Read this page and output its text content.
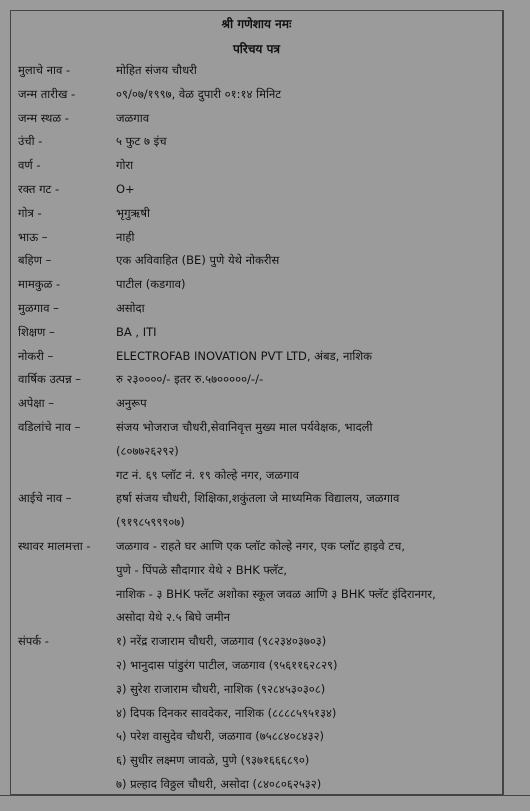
श्री गणेशाय नमः
परिचय पत्र
मुलाचे नाव -	मोहित संजय चौधरी
जन्म तारीख -	०९/०७/१९९७, वेळ दुपारी ०१:१४ मिनिट
जन्म स्थळ -	जळगाव
उंची -	५ फुट ७ इंच
वर्ण -	गोरा
रक्त गट -	O+
गोत्र -	भृगुऋषी
भाऊ –	नाही
बहिण –	एक अविवाहित (BE) पुणे येथे नोकरीस
मामकुळ -	पाटील (कडगाव)
मुळगाव –	असोदा
शिक्षण –	BA , ITI
नोकरी –	ELECTROFAB INOVATION PVT LTD, अंबड, नाशिक
वार्षिक उत्पन्न –	रु २३००००/- इतर रु.५७०००००/-/-
अपेक्षा –	अनुरूप
वडिलांचे नाव –	संजय भोजराज चौधरी,सेवानिवृत्त मुख्य माल पर्यवेक्षक, भादली
(८०७७२६२९२)
गट नं. ६९ प्लॉट नं. १९ कोल्हे नगर, जळगाव
आईचे नाव –	हर्षा संजय चौधरी, शिक्षिका,शकुंतला जे माध्यमिक विद्यालय, जळगाव
(९१९८५९९९०७)
स्थावर मालमत्ता - जळगाव - राहते घर आणि एक प्लॉट कोल्हे नगर, एक प्लॉट हाइवे टच,
पुणे - पिंपळे सौदागार येथे २ BHK फ्लॅट,
नाशिक - ३ BHK फ्लॅट अशोका स्कूल जवळ आणि ३ BHK फ्लॅट इंदिरानगर,
असोदा येथे २.५ बिघे जमीन
संपर्क -	१) नरेंद्र राजाराम चौधरी, जळगाव (९८२३४०३७०३)
२) भानुदास पांडुरंग पाटील, जळगाव (९५६११६२८२९)
३) सुरेश राजाराम चौधरी, नाशिक (९२८४५३०३०८)
४) दिपक दिनकर सावदेकर, नाशिक (८८८८५९५१३४)
५) परेश वासुदेव चौधरी, जळगाव (७५८८४०८४३२)
६) सुधीर लक्ष्मण जावळे, पुणे (९३७१६६६८९०)
७) प्रल्हाद विठ्ठल चौधरी, असोदा (८४०८०६२५३२)
